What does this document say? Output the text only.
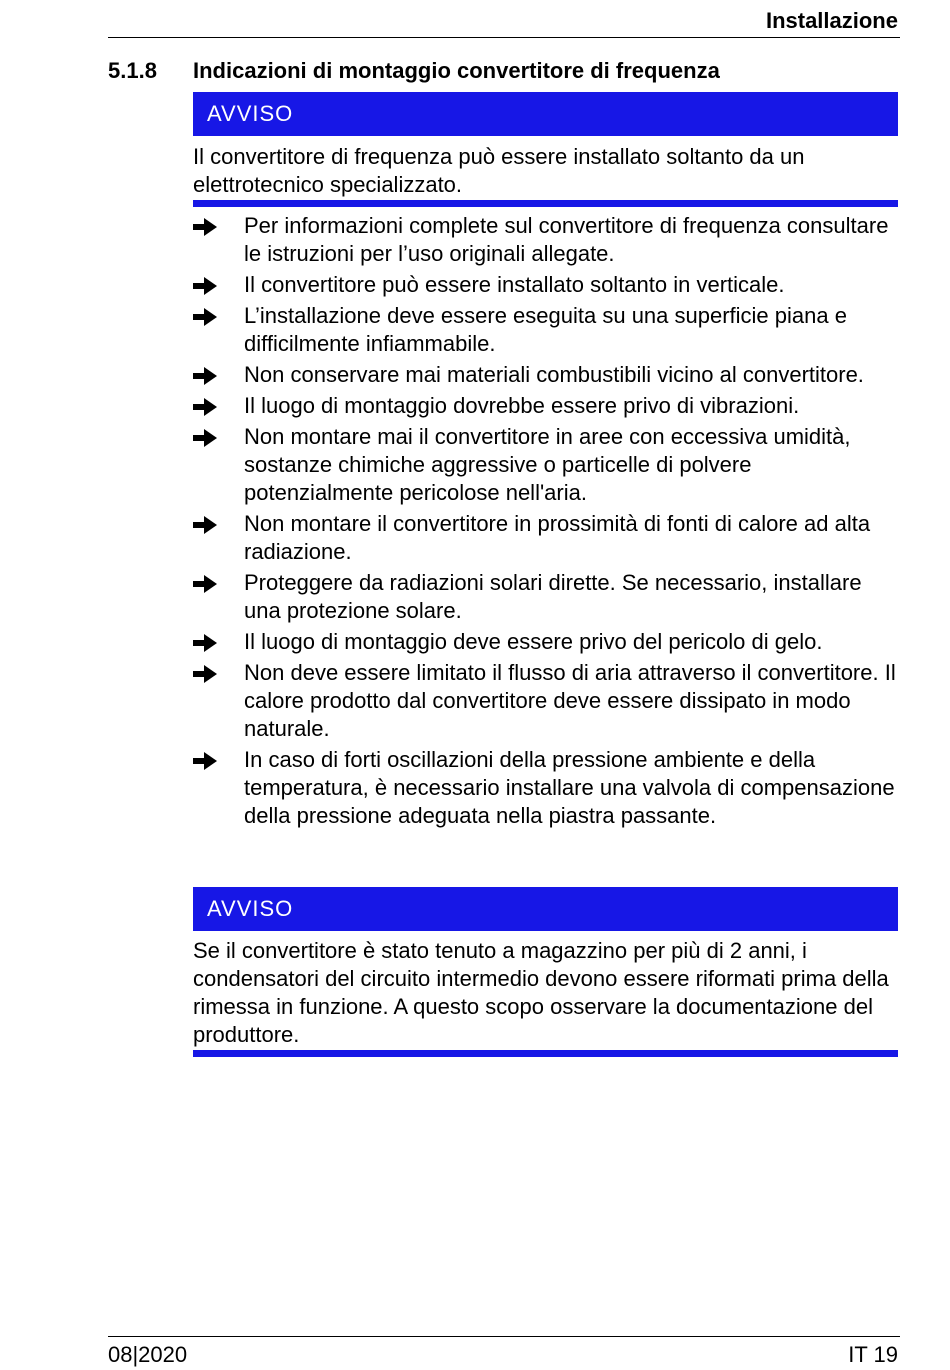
Installazione
5.1.8 Indicazioni di montaggio convertitore di frequenza
AVVISO
Il convertitore di frequenza può essere installato soltanto da un elettrotecnico specializzato.
Per informazioni complete sul convertitore di frequenza consultare le istruzioni per l’uso originali allegate.
Il convertitore può essere installato soltanto in verticale.
L’installazione deve essere eseguita su una superficie piana e difficilmente infiammabile.
Non conservare mai materiali combustibili vicino al convertitore.
Il luogo di montaggio dovrebbe essere privo di vibrazioni.
Non montare mai il convertitore in aree con eccessiva umidità, sostanze chimiche aggressive o particelle di polvere potenzialmente pericolose nell'aria.
Non montare il convertitore in prossimità di fonti di calore ad alta radiazione.
Proteggere da radiazioni solari dirette. Se necessario, installare una protezione solare.
Il luogo di montaggio deve essere privo del pericolo di gelo.
Non deve essere limitato il flusso di aria attraverso il convertitore. Il calore prodotto dal convertitore deve essere dissipato in modo naturale.
In caso di forti oscillazioni della pressione ambiente e della temperatura, è necessario installare una valvola di compensazione della pressione adeguata nella piastra passante.
AVVISO
Se il convertitore è stato tenuto a magazzino per più di 2 anni, i condensatori del circuito intermedio devono essere riformati prima della rimessa in funzione. A questo scopo osservare la documentazione del produttore.
08|2020	IT 19
